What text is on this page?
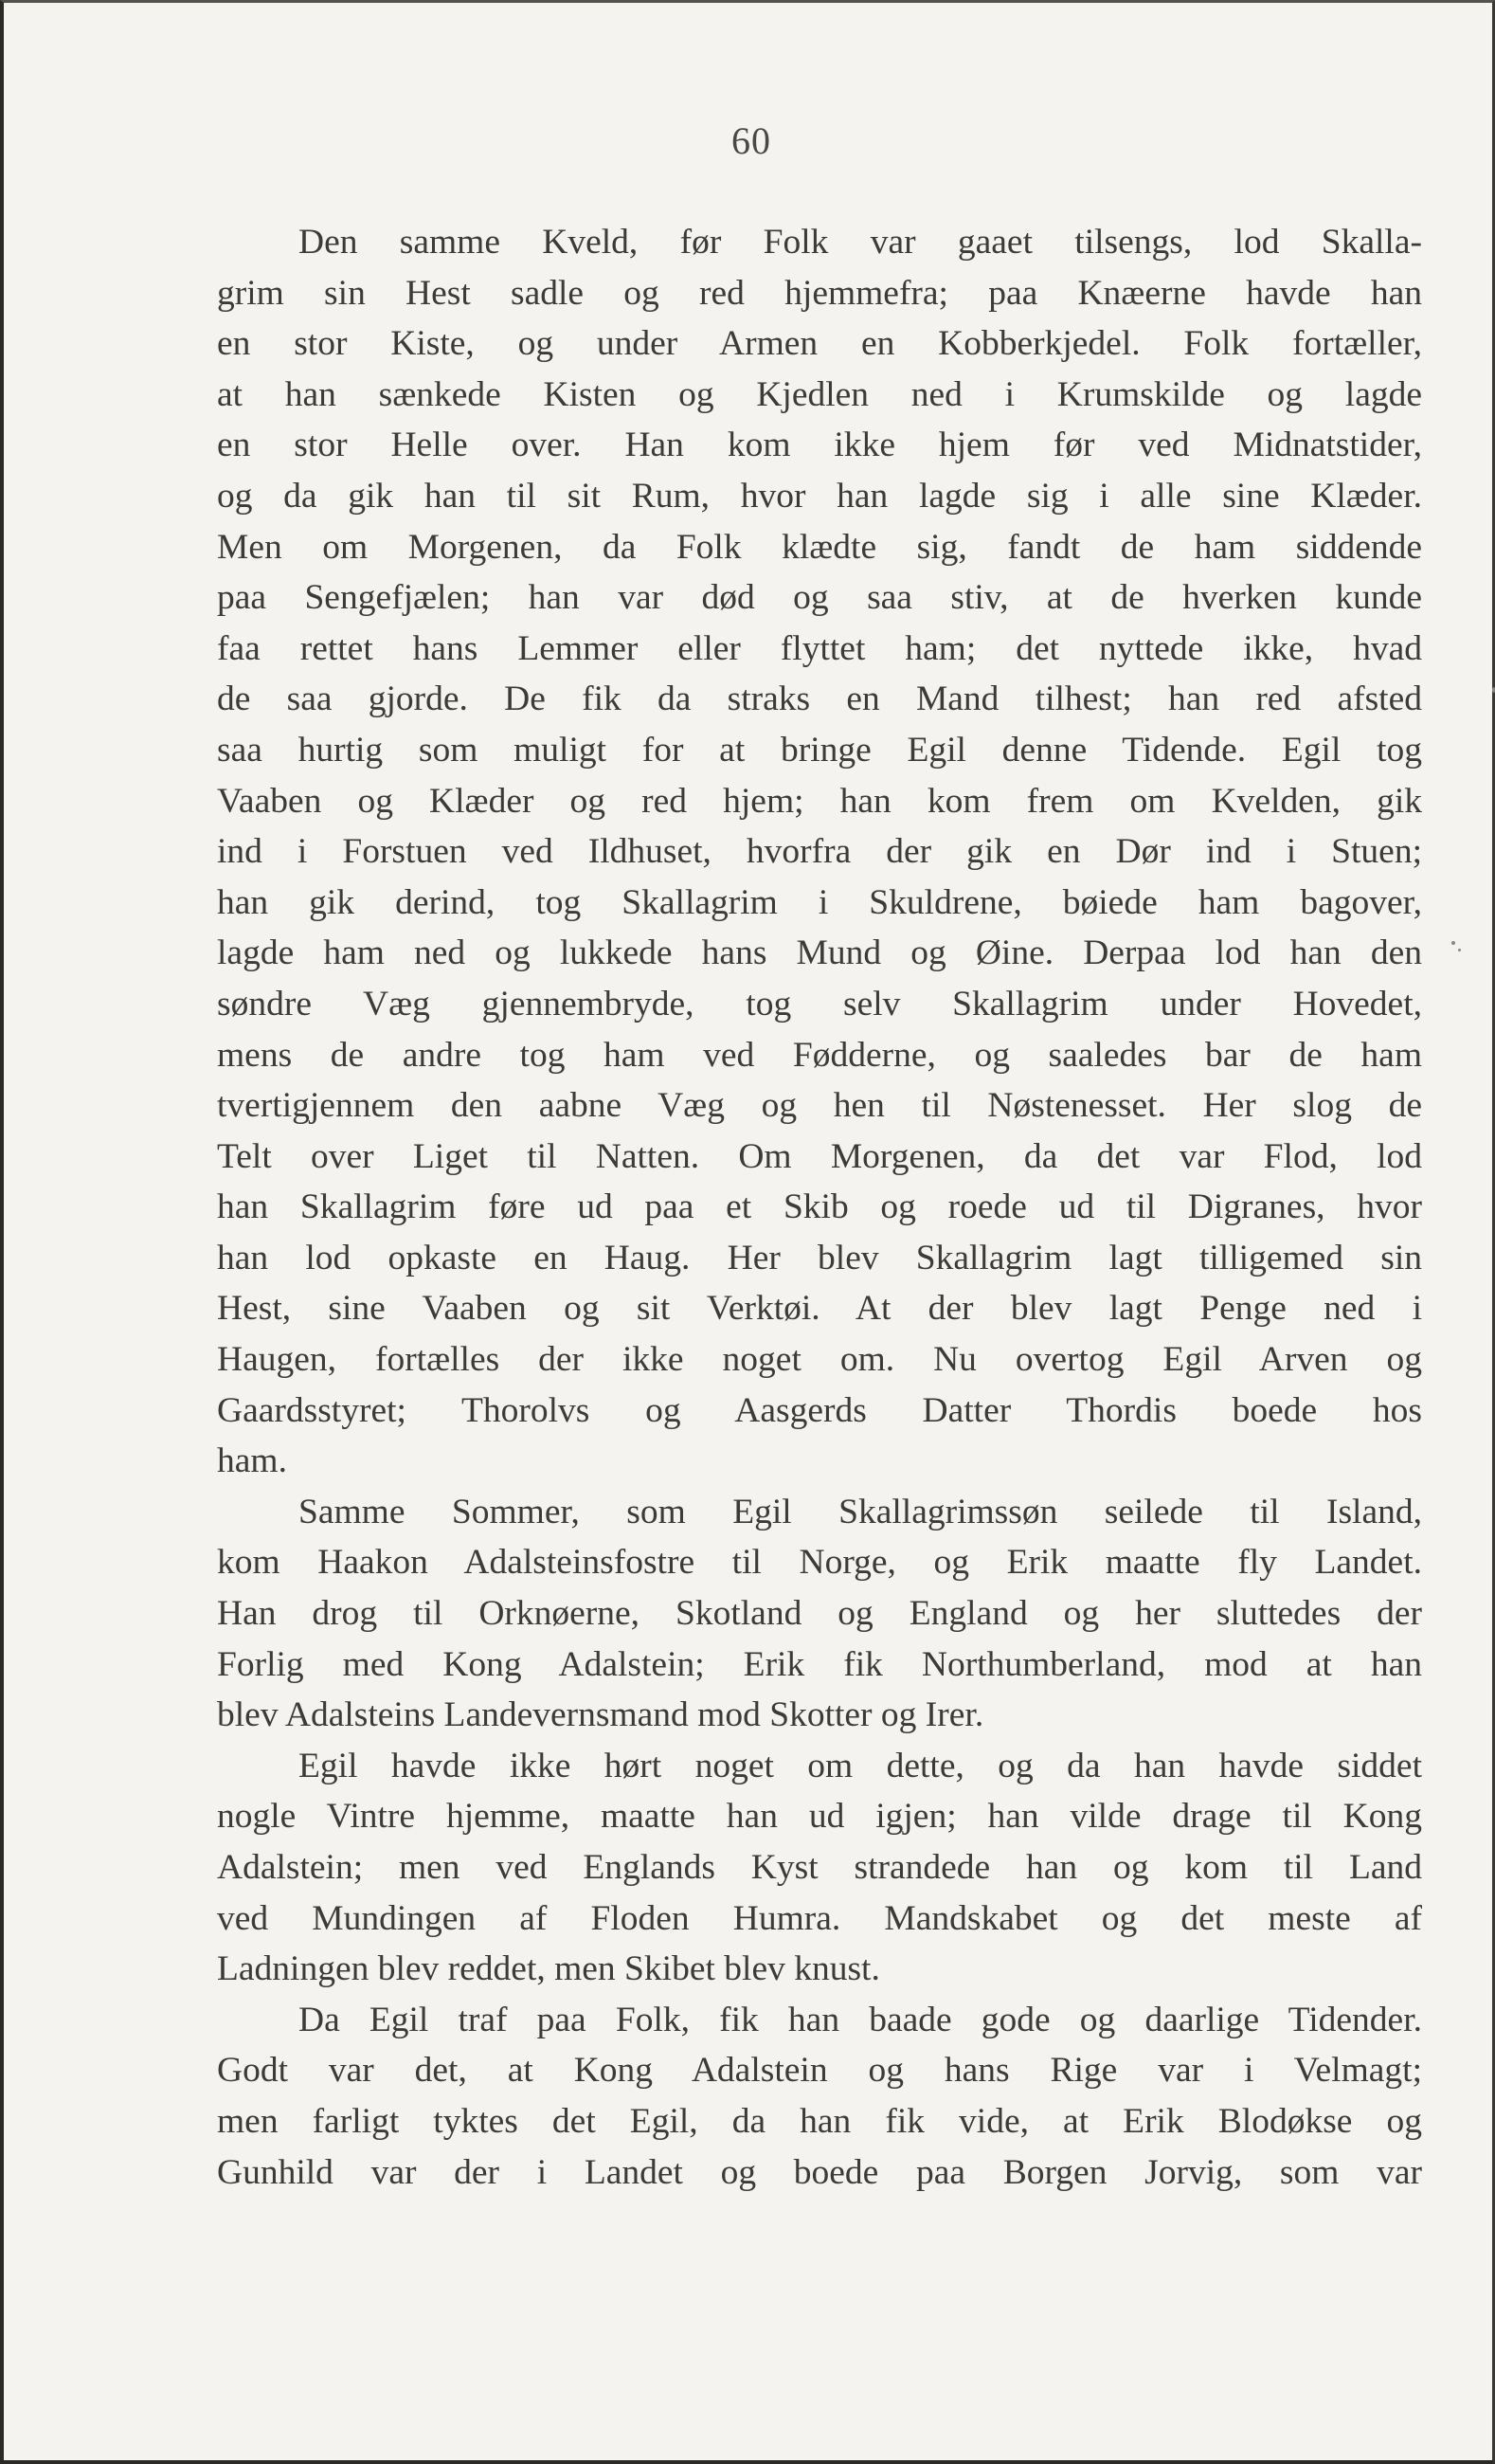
60
Den samme Kveld, før Folk var gaaet tilsengs, lod Skalla-
grim sin Hest sadle og red hjemmefra; paa Knæerne havde han
en stor Kiste, og under Armen en Kobberkjedel. Folk fortæller,
at han sænkede Kisten og Kjedlen ned i Krumskilde og lagde
en stor Helle over. Han kom ikke hjem før ved Midnatstider,
og da gik han til sit Rum, hvor han lagde sig i alle sine Klæder.
Men om Morgenen, da Folk klædte sig, fandt de ham siddende
paa Sengefjælen; han var død og saa stiv, at de hverken kunde
faa rettet hans Lemmer eller flyttet ham; det nyttede ikke, hvad
de saa gjorde. De fik da straks en Mand tilhest; han red afsted
saa hurtig som muligt for at bringe Egil denne Tidende. Egil tog
Vaaben og Klæder og red hjem; han kom frem om Kvelden, gik
ind i Forstuen ved Ildhuset, hvorfra der gik en Dør ind i Stuen;
han gik derind, tog Skallagrim i Skuldrene, bøiede ham bagover,
lagde ham ned og lukkede hans Mund og Øine. Derpaa lod han den
søndre Væg gjennembryde, tog selv Skallagrim under Hovedet,
mens de andre tog ham ved Fødderne, og saaledes bar de ham
tvertigjennem den aabne Væg og hen til Nøstenesset. Her slog de
Telt over Liget til Natten. Om Morgenen, da det var Flod, lod
han Skallagrim føre ud paa et Skib og roede ud til Digranes, hvor
han lod opkaste en Haug. Her blev Skallagrim lagt tilligemed sin
Hest, sine Vaaben og sit Verktøi. At der blev lagt Penge ned i
Haugen, fortælles der ikke noget om. Nu overtog Egil Arven og
Gaardsstyret; Thorolvs og Aasgerds Datter Thordis boede hos
ham.
Samme Sommer, som Egil Skallagrimssøn seilede til Island,
kom Haakon Adalsteinsfostre til Norge, og Erik maatte fly Landet.
Han drog til Orknøerne, Skotland og England og her sluttedes der
Forlig med Kong Adalstein; Erik fik Northumberland, mod at han
blev Adalsteins Landevernsmand mod Skotter og Irer.
Egil havde ikke hørt noget om dette, og da han havde siddet
nogle Vintre hjemme, maatte han ud igjen; han vilde drage til Kong
Adalstein; men ved Englands Kyst strandede han og kom til Land
ved Mundingen af Floden Humra. Mandskabet og det meste af
Ladningen blev reddet, men Skibet blev knust.
Da Egil traf paa Folk, fik han baade gode og daarlige Tidender.
Godt var det, at Kong Adalstein og hans Rige var i Velmagt;
men farligt tyktes det Egil, da han fik vide, at Erik Blodøkse og
Gunhild var der i Landet og boede paa Borgen Jorvig, som var
